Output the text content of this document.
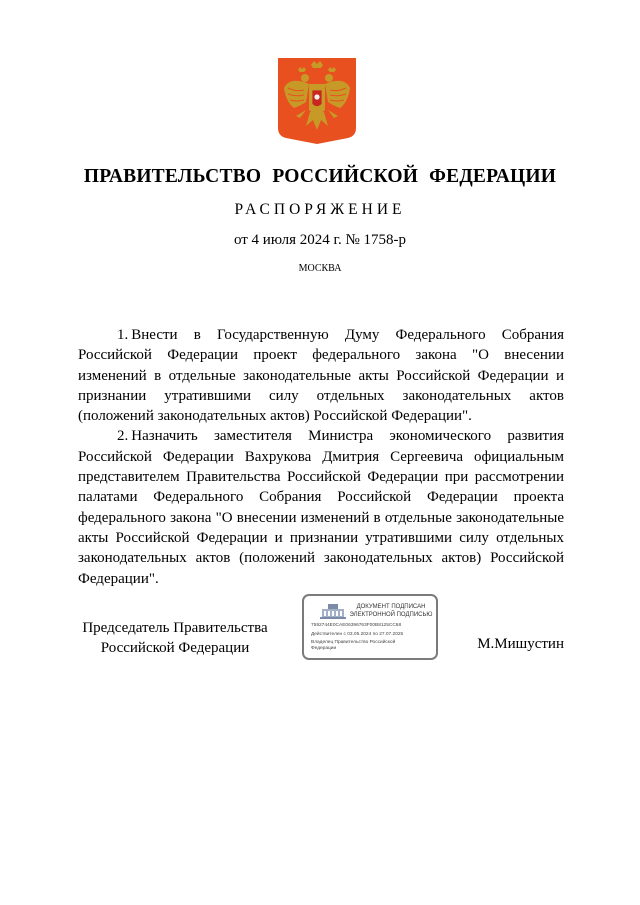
ПРАВИТЕЛЬСТВО РОССИЙСКОЙ ФЕДЕРАЦИИ
РАСПОРЯЖЕНИЕ
от 4 июля 2024 г. № 1758-р
МОСКВА

1. Внести в Государственную Думу Федерального Собрания Российской Федерации проект федерального закона "О внесении изменений в отдельные законодательные акты Российской Федерации и признании утратившими силу отдельных законодательных актов (положений законодательных актов) Российской Федерации".

2. Назначить заместителя Министра экономического развития Российской Федерации Вахрукова Дмитрия Сергеевича официальным представителем Правительства Российской Федерации при рассмотрении палатами Федерального Собрания Российской Федерации проекта федерального закона "О внесении изменений в отдельные законодательные акты Российской Федерации и признании утратившими силу отдельных законодательных актов (положений законодательных актов) Российской Федерации".

Председатель Правительства
Российской Федерации
ДОКУМЕНТ ПОДПИСАН
ЭЛЕКТРОННОЙ ПОДПИСЬЮ
7592744E0CAE06396763F00B8125CC68
Действителен с 03.05.2024 по 27.07.2025
Владелец Правительство Российской
Федерации	М.Мишустин
